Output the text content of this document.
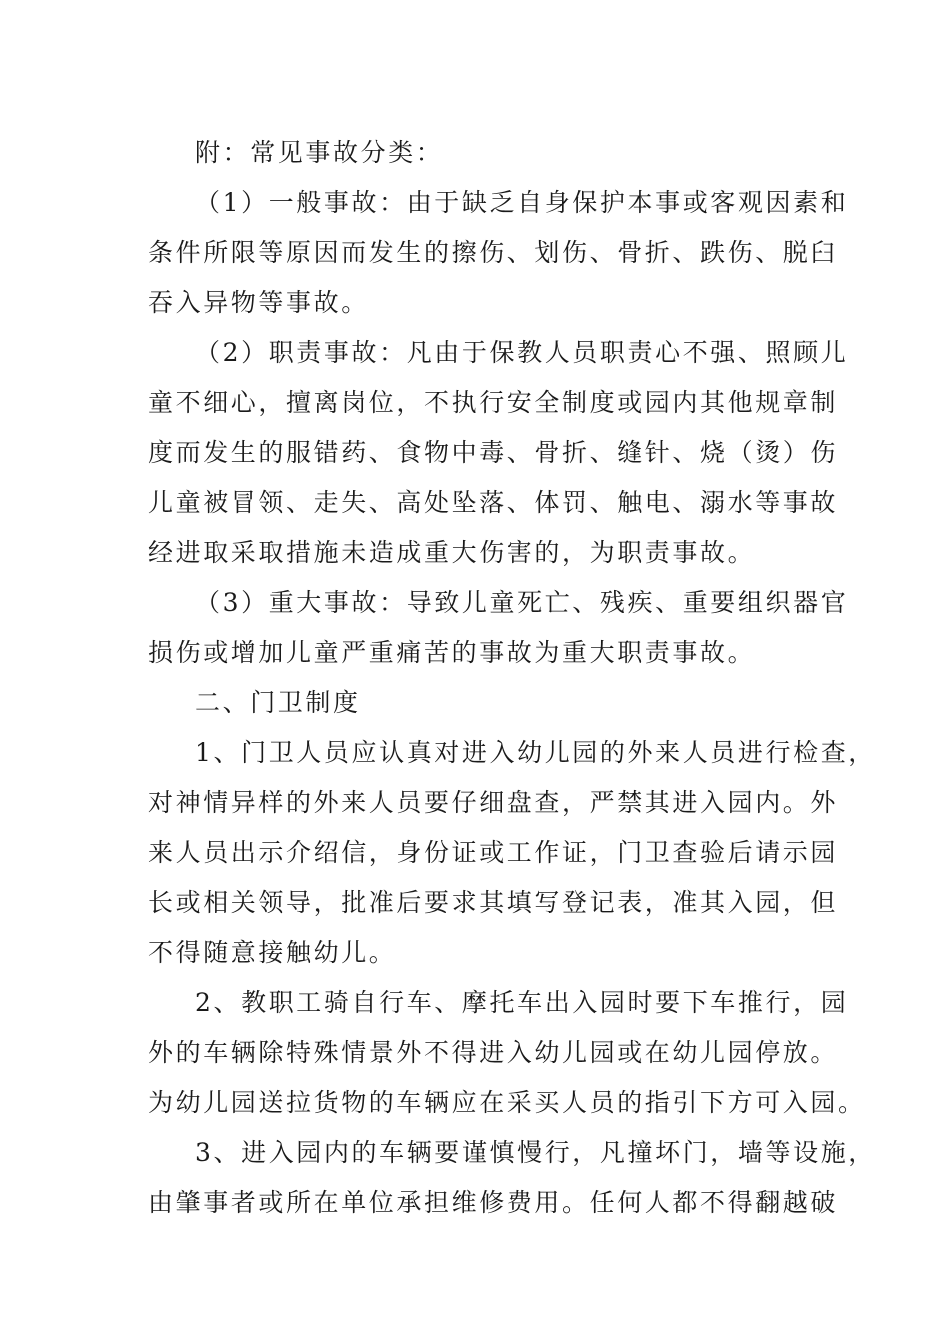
附：常见事故分类：
（1）一般事故：由于缺乏自身保护本事或客观因素和
条件所限等原因而发生的擦伤、划伤、骨折、跌伤、脱臼
吞入异物等事故。
（2）职责事故：凡由于保教人员职责心不强、照顾儿
童不细心，擅离岗位，不执行安全制度或园内其他规章制
度而发生的服错药、食物中毒、骨折、缝针、烧（烫）伤
儿童被冒领、走失、高处坠落、体罚、触电、溺水等事故
经进取采取措施未造成重大伤害的，为职责事故。
（3）重大事故：导致儿童死亡、残疾、重要组织器官
损伤或增加儿童严重痛苦的事故为重大职责事故。
二、门卫制度
1、门卫人员应认真对进入幼儿园的外来人员进行检查，
对神情异样的外来人员要仔细盘查，严禁其进入园内。外
来人员出示介绍信，身份证或工作证，门卫查验后请示园
长或相关领导，批准后要求其填写登记表，准其入园，但
不得随意接触幼儿。
2、教职工骑自行车、摩托车出入园时要下车推行，园
外的车辆除特殊情景外不得进入幼儿园或在幼儿园停放。
为幼儿园送拉货物的车辆应在采买人员的指引下方可入园。
3、进入园内的车辆要谨慎慢行，凡撞坏门，墙等设施，
由肇事者或所在单位承担维修费用。任何人都不得翻越破
